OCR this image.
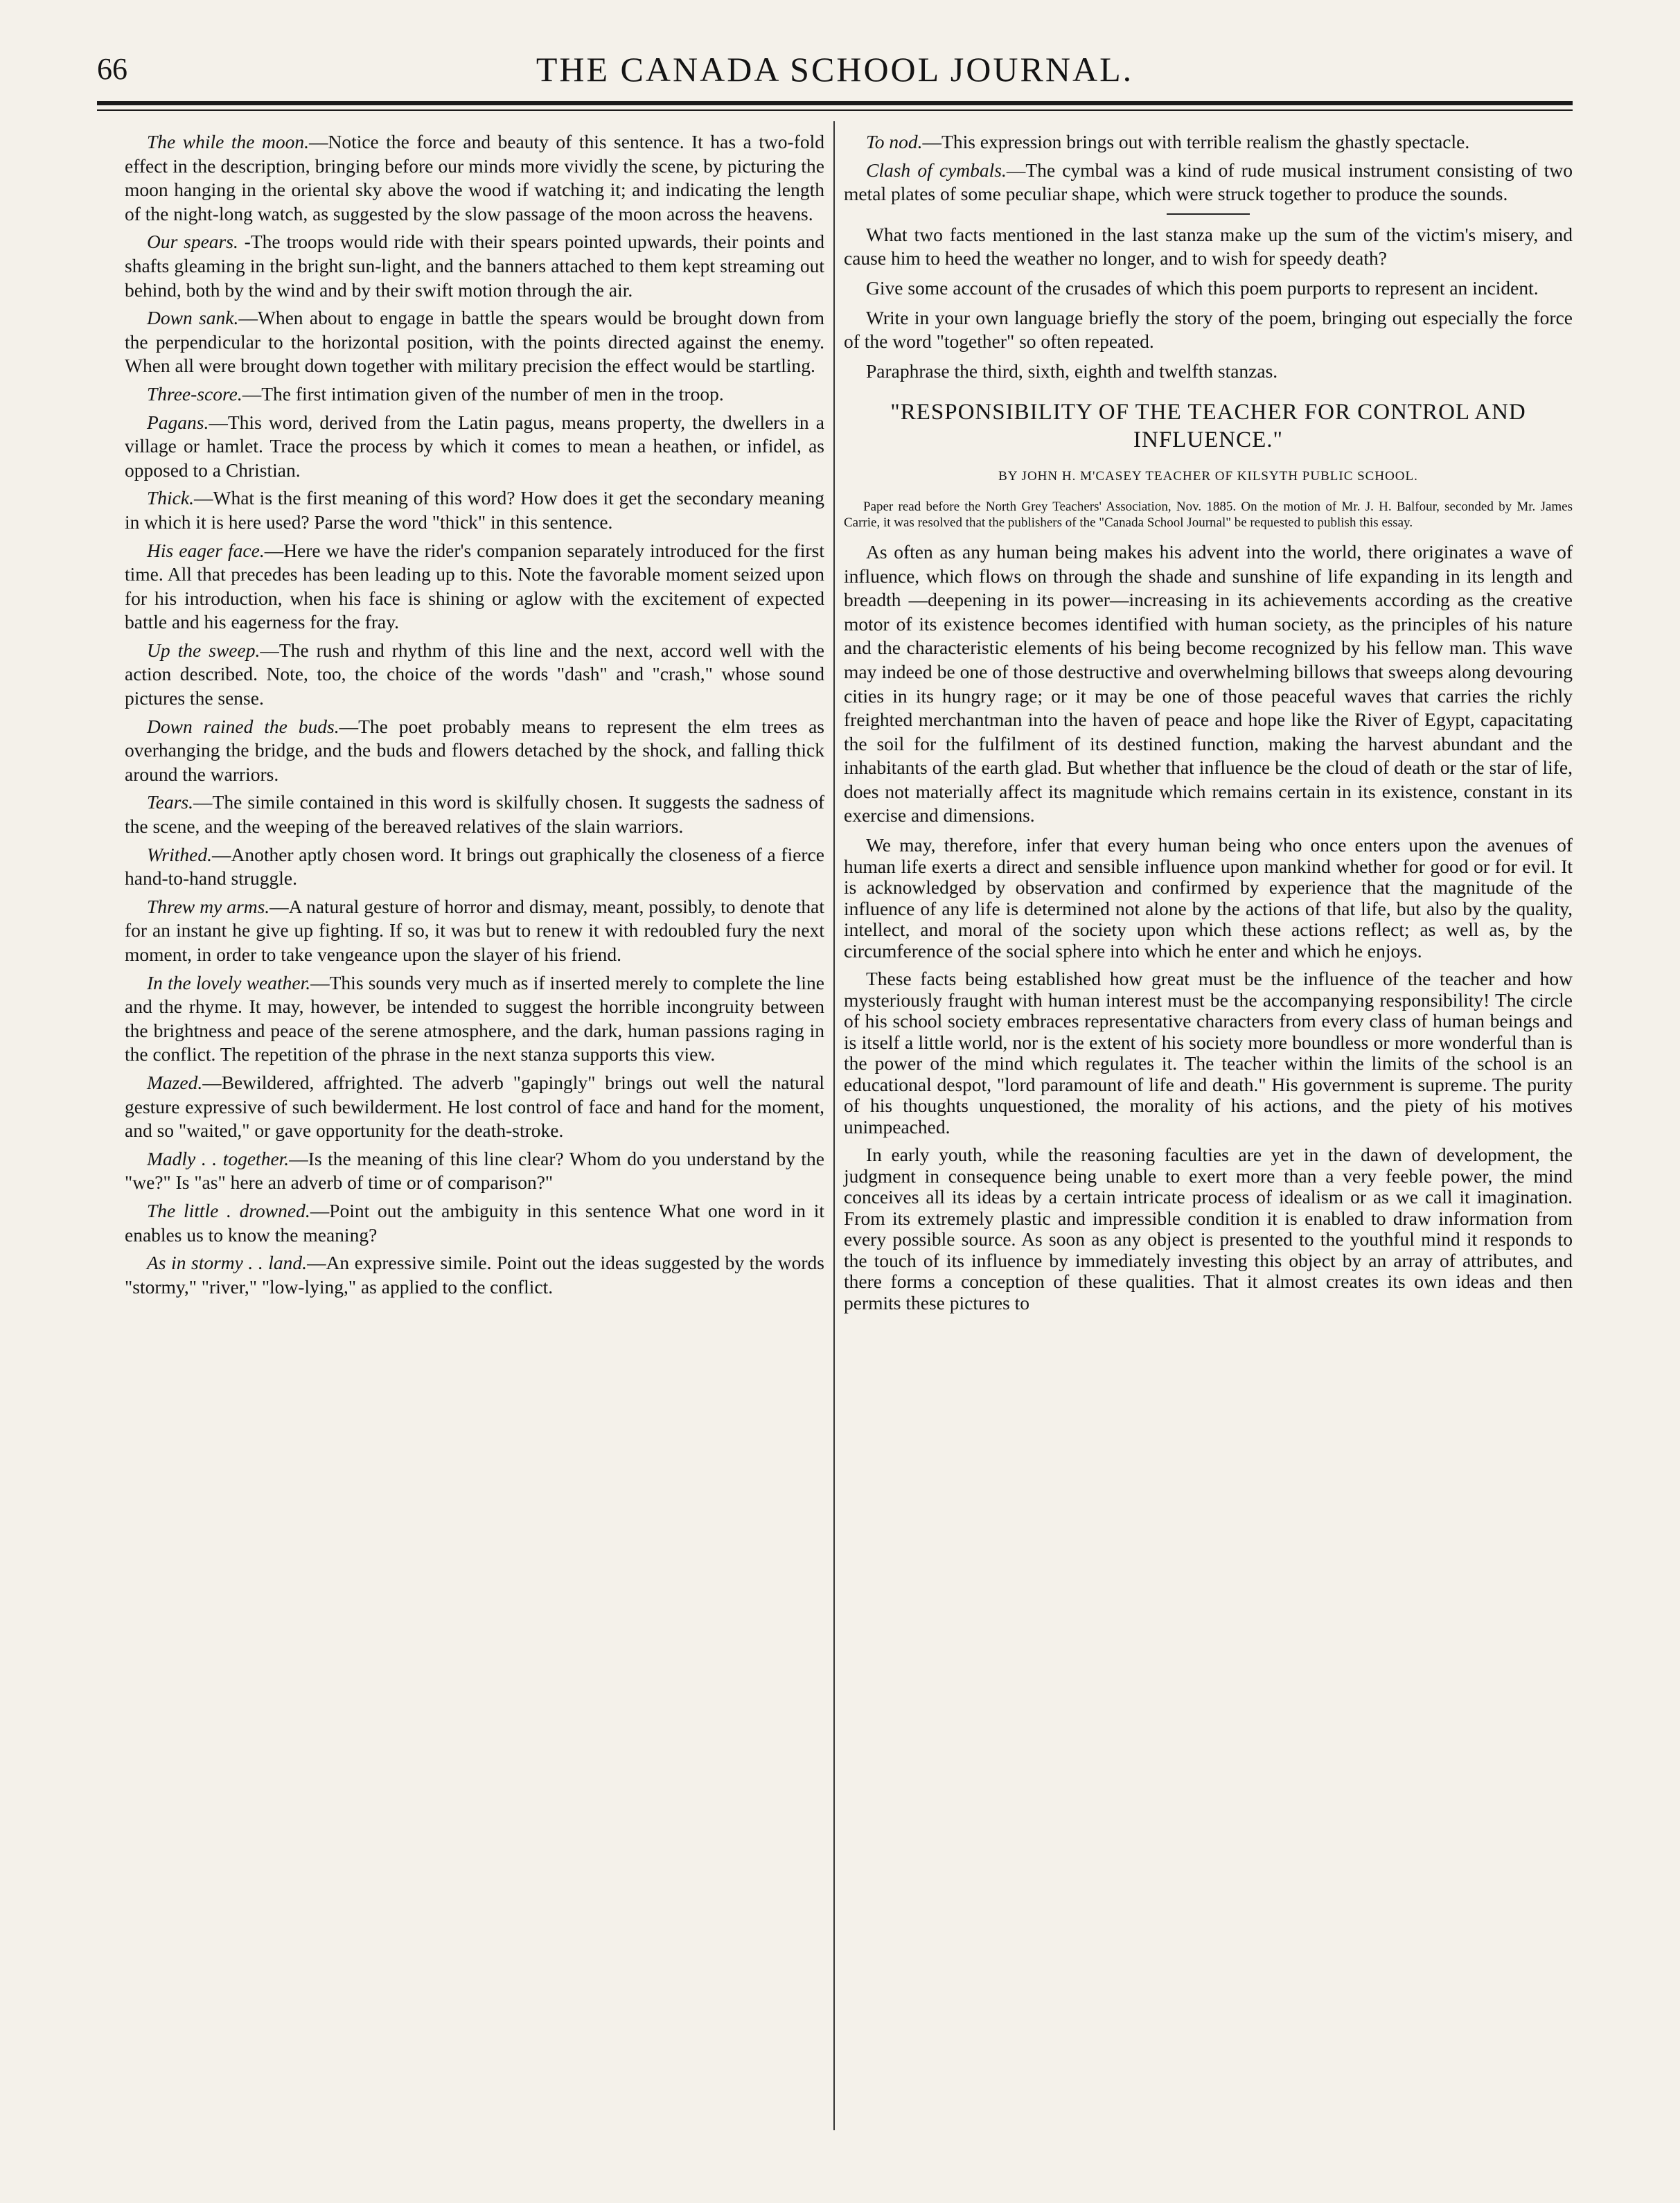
66	THE CANADA SCHOOL JOURNAL.

The while the moon.—Notice the force and beauty of this sentence. It has a two-fold effect in the description, bringing before our minds more vividly the scene, by picturing the moon hanging in the oriental sky above the wood if watching it; and indicating the length of the night-long watch, as suggested by the slow passage of the moon across the heavens.

Our spears. -The troops would ride with their spears pointed upwards, their points and shafts gleaming in the bright sun-light, and the banners attached to them kept streaming out behind, both by the wind and by their swift motion through the air.

Down sank.—When about to engage in battle the spears would be brought down from the perpendicular to the horizontal position, with the points directed against the enemy. When all were brought down together with military precision the effect would be startling.

Three-score.—The first intimation given of the number of men in the troop.

Pagans.—This word, derived from the Latin pagus, means property, the dwellers in a village or hamlet. Trace the process by which it comes to mean a heathen, or infidel, as opposed to a Christian.

Thick.—What is the first meaning of this word? How does it get the secondary meaning in which it is here used? Parse the word "thick" in this sentence.

His eager face.—Here we have the rider's companion separately introduced for the first time. All that precedes has been leading up to this. Note the favorable moment seized upon for his introduction, when his face is shining or aglow with the excitement of expected battle and his eagerness for the fray.

Up the sweep.—The rush and rhythm of this line and the next, accord well with the action described. Note, too, the choice of the words "dash" and "crash," whose sound pictures the sense.

Down rained the buds.—The poet probably means to represent the elm trees as overhanging the bridge, and the buds and flowers detached by the shock, and falling thick around the warriors.

Tears.—The simile contained in this word is skilfully chosen. It suggests the sadness of the scene, and the weeping of the bereaved relatives of the slain warriors.

Writhed.—Another aptly chosen word. It brings out graphically the closeness of a fierce hand-to-hand struggle.

Threw my arms.—A natural gesture of horror and dismay, meant, possibly, to denote that for an instant he give up fighting. If so, it was but to renew it with redoubled fury the next moment, in order to take vengeance upon the slayer of his friend.

In the lovely weather.—This sounds very much as if inserted merely to complete the line and the rhyme. It may, however, be intended to suggest the horrible incongruity between the brightness and peace of the serene atmosphere, and the dark, human passions raging in the conflict. The repetition of the phrase in the next stanza supports this view.

Mazed.—Bewildered, affrighted. The adverb "gapingly" brings out well the natural gesture expressive of such bewilderment. He lost control of face and hand for the moment, and so "waited," or gave opportunity for the death-stroke.

Madly . . together.—Is the meaning of this line clear? Whom do you understand by the "we?" Is "as" here an adverb of time or of comparison?"

The little . drowned.—Point out the ambiguity in this sentence What one word in it enables us to know the meaning?

As in stormy . . land.—An expressive simile. Point out the ideas suggested by the words "stormy," "river," "low-lying," as applied to the conflict.

To nod.—This expression brings out with terrible realism the ghastly spectacle.

Clash of cymbals.—The cymbal was a kind of rude musical instrument consisting of two metal plates of some peculiar shape, which were struck together to produce the sounds.

What two facts mentioned in the last stanza make up the sum of the victim's misery, and cause him to heed the weather no longer, and to wish for speedy death?

Give some account of the crusades of which this poem purports to represent an incident.

Write in your own language briefly the story of the poem, bringing out especially the force of the word "together" so often repeated.

Paraphrase the third, sixth, eighth and twelfth stanzas.

"RESPONSIBILITY OF THE TEACHER FOR CONTROL AND INFLUENCE."
BY JOHN H. M'CASEY TEACHER OF KILSYTH PUBLIC SCHOOL.

Paper read before the North Grey Teachers' Association, Nov. 1885. On the motion of Mr. J. H. Balfour, seconded by Mr. James Carrie, it was resolved that the publishers of the "Canada School Journal" be requested to publish this essay.

As often as any human being makes his advent into the world, there originates a wave of influence, which flows on through the shade and sunshine of life expanding in its length and breadth —deepening in its power—increasing in its achievements according as the creative motor of its existence becomes identified with human society, as the principles of his nature and the characteristic elements of his being become recognized by his fellow man. This wave may indeed be one of those destructive and overwhelming billows that sweeps along devouring cities in its hungry rage; or it may be one of those peaceful waves that carries the richly freighted merchantman into the haven of peace and hope like the River of Egypt, capacitating the soil for the fulfilment of its destined function, making the harvest abundant and the inhabitants of the earth glad. But whether that influence be the cloud of death or the star of life, does not materially affect its magnitude which remains certain in its existence, constant in its exercise and dimensions.

We may, therefore, infer that every human being who once enters upon the avenues of human life exerts a direct and sensible influence upon mankind whether for good or for evil. It is acknowledged by observation and confirmed by experience that the magnitude of the influence of any life is determined not alone by the actions of that life, but also by the quality, intellect, and moral of the society upon which these actions reflect; as well as, by the circumference of the social sphere into which he enter and which he enjoys.

These facts being established how great must be the influence of the teacher and how mysteriously fraught with human interest must be the accompanying responsibility! The circle of his school society embraces representative characters from every class of human beings and is itself a little world, nor is the extent of his society more boundless or more wonderful than is the power of the mind which regulates it. The teacher within the limits of the school is an educational despot, "lord paramount of life and death." His government is supreme. The purity of his thoughts unquestioned, the morality of his actions, and the piety of his motives unimpeached.

In early youth, while the reasoning faculties are yet in the dawn of development, the judgment in consequence being unable to exert more than a very feeble power, the mind conceives all its ideas by a certain intricate process of idealism or as we call it imagination. From its extremely plastic and impressible condition it is enabled to draw information from every possible source. As soon as any object is presented to the youthful mind it responds to the touch of its influence by immediately investing this object by an array of attributes, and there forms a conception of these qualities. That it almost creates its own ideas and then permits these pictures to
